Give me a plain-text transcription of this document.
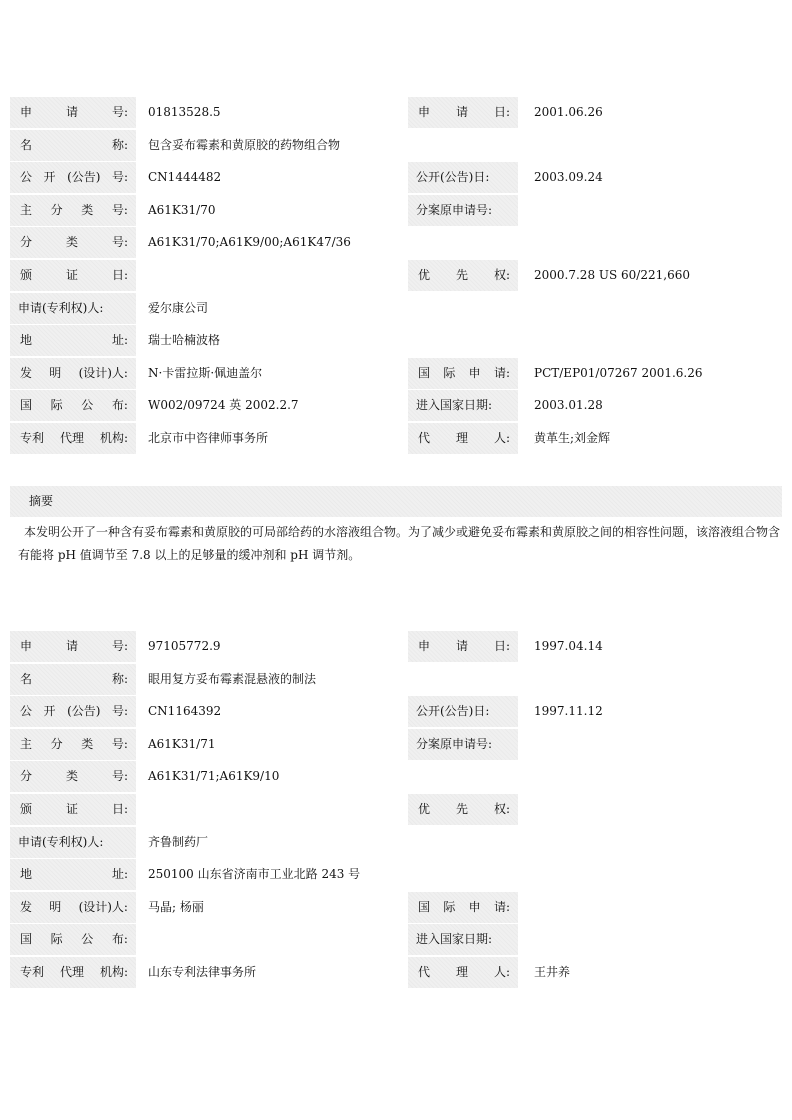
申	请	号: 01813528.5	申 请 日: 2001.06.26
名	称: 包含妥布霉素和黄原胶的药物组合物
公 开 (公告) 号: CN1444482	公开(公告)日:	2003.09.24
主 分 类 号: A61K31/70	分案原申请号:
分	类	号: A61K31/70;A61K9/00;A61K47/36
颁	证	日:	优 先 权: 2000.7.28 US 60/221,660
申请(专利权)人:	爱尔康公司
地	址: 瑞士哈楠波格
发 明 (设计)人: N·卡雷拉斯·佩迪盖尔	国 际 申 请: PCT/EP01/07267 2001.6.26
国 际 公 布: W002/09724 英 2002.2.7	进入国家日期:	2003.01.28
专利 代理 机构: 北京市中咨律师事务所	代 理 人: 黄革生;刘金辉
摘要
本发明公开了一种含有妥布霉素和黄原胶的可局部给药的水溶液组合物。为了减少或避免妥布霉素和黄原胶之间的相容性问题，该溶液组合物含有能将 pH 值调节至 7.8 以上的足够量的缓冲剂和 pH 调节剂。
申	请	号: 97105772.9	申 请 日: 1997.04.14
名	称: 眼用复方妥布霉素混悬液的制法
公 开 (公告) 号: CN1164392	公开(公告)日:	1997.11.12
主 分 类 号: A61K31/71	分案原申请号:
分	类	号: A61K31/71;A61K9/10
颁	证	日:	优 先 权:
申请(专利权)人:	齐鲁制药厂
地	址: 250100 山东省济南市工业北路 243 号
发 明 (设计)人: 马晶; 杨丽	国 际 申 请:
国 际 公 布:	进入国家日期:
专利 代理 机构: 山东专利法律事务所	代 理 人: 王井养
